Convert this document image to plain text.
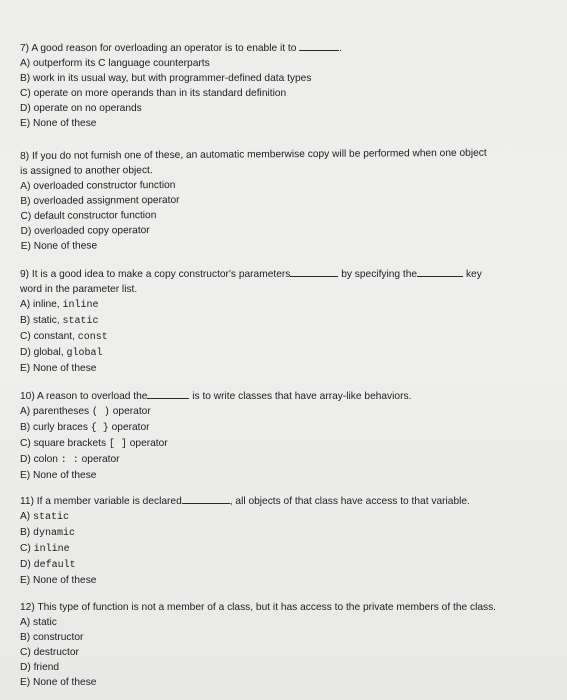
7) A good reason for overloading an operator is to enable it to	.
A) outperform its C language counterparts
B) work in its usual way, but with programmer-defined data types
C) operate on more operands than in its standard definition
D) operate on no operands
E) None of these
8) If you do not furnish one of these, an automatic memberwise copy will be performed when one object
is assigned to another object.
A) overloaded constructor function
B) overloaded assignment operator
C) default constructor function
D) overloaded copy operator
E) None of these
9) It is a good idea to make a copy constructor's parameters	by specifying the	key
word in the parameter list.
A) inline, inline
B) static, static
C) constant, const
D) global, global
E) None of these
10) A reason to overload the	is to write classes that have array-like behaviors.
A) parentheses ( ) operator
B) curly braces { } operator
C) square brackets [ ] operator
D) colon : : operator
E) None of these
11) If a member variable is declared	, all objects of that class have access to that variable.
A) static
B) dynamic
C) inline
D) default
E) None of these
12) This type of function is not a member of a class, but it has access to the private members of the class.
A) static
B) constructor
C) destructor
D) friend
E) None of these
